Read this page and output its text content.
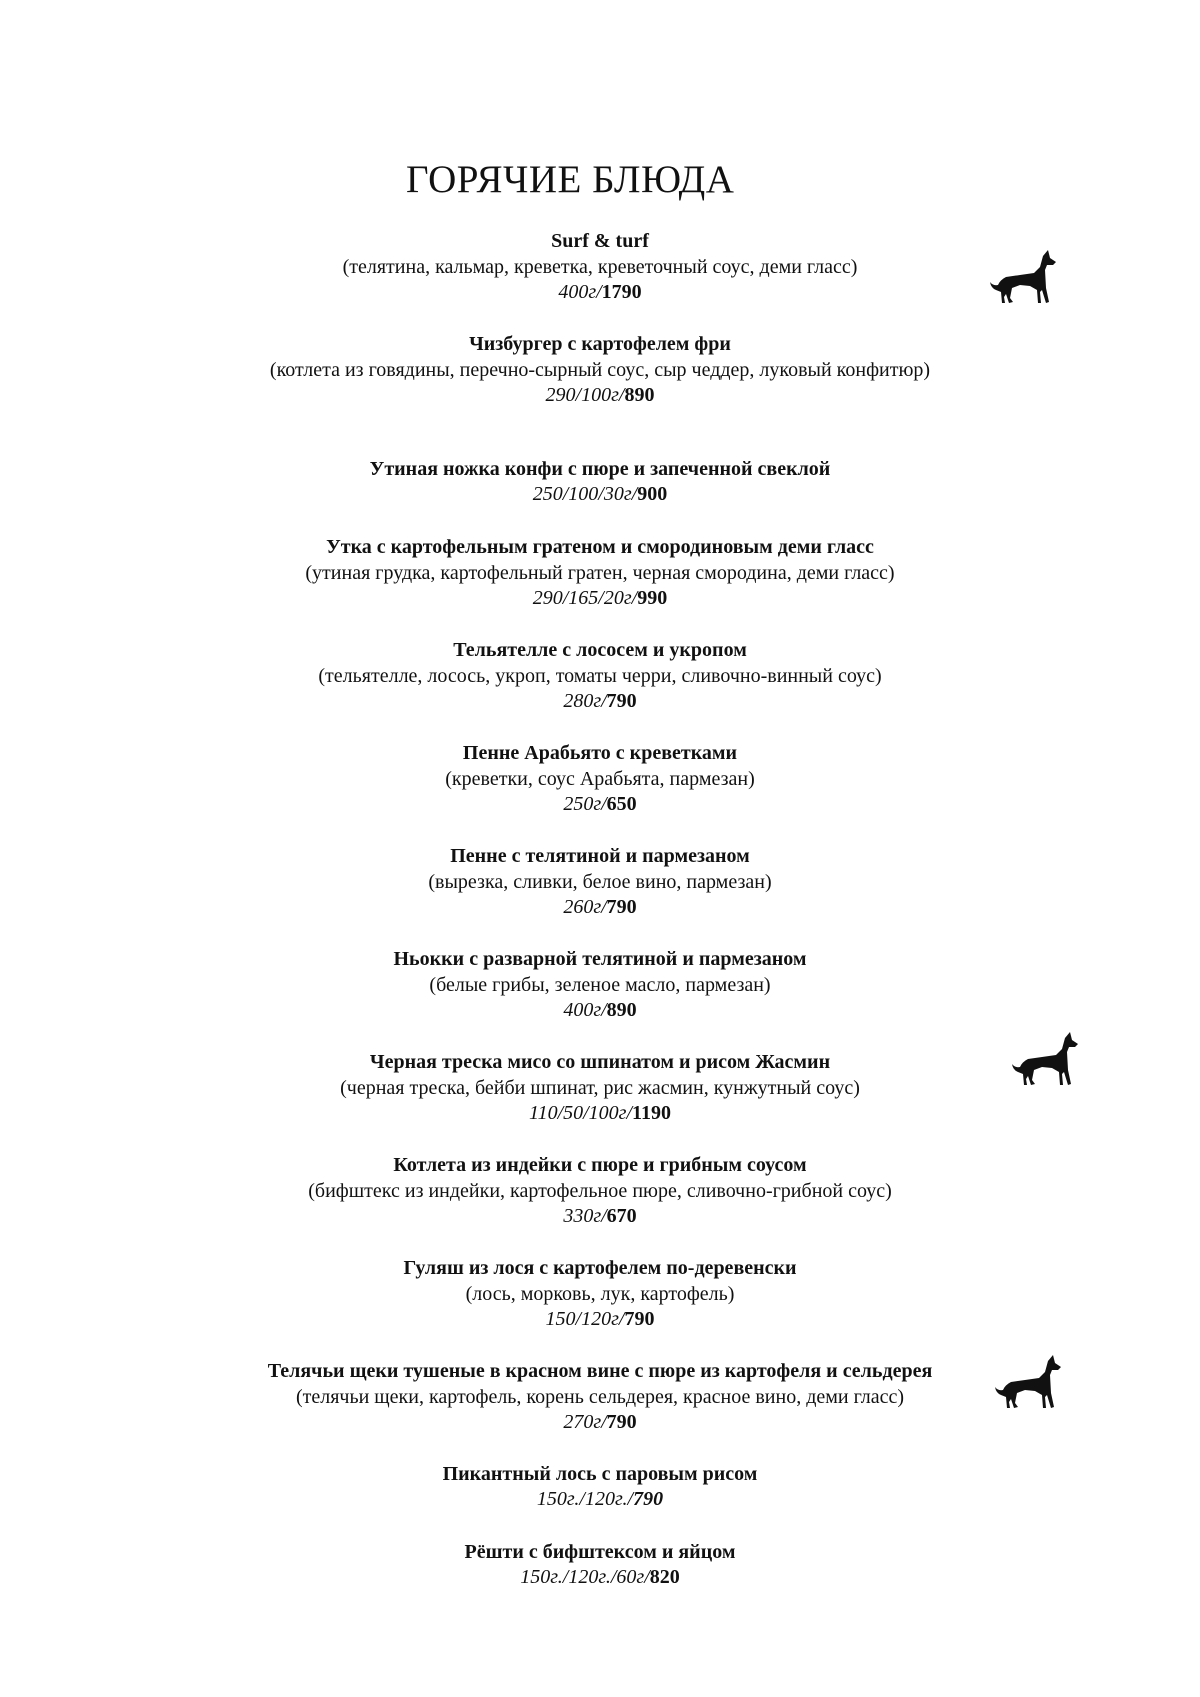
ГОРЯЧИЕ БЛЮДА
Surf & turf
(телятина, кальмар, креветка, креветочный соус, деми гласс)
400г/1790
Чизбургер с картофелем фри
(котлета из говядины, перечно-сырный соус, сыр чеддер, луковый конфитюр)
290/100г/890
Утиная ножка конфи с пюре и запеченной свеклой
250/100/30г/900
Утка с картофельным гратеном и смородиновым деми гласс
(утиная грудка, картофельный гратен, черная смородина, деми гласс)
290/165/20г/990
Тельятелле с лососем и укропом
(тельятелле, лосось, укроп, томаты черри, сливочно-винный соус)
280г/790
Пенне Арабьято с креветками
(креветки, соус Арабьята, пармезан)
250г/650
Пенне с телятиной и пармезаном
(вырезка, сливки, белое вино, пармезан)
260г/790
Ньокки с разварной телятиной и пармезаном
(белые грибы, зеленое масло, пармезан)
400г/890
Черная треска мисо со шпинатом и рисом Жасмин
(черная треска, бейби шпинат, рис жасмин, кунжутный соус)
110/50/100г/1190
Котлета из индейки с пюре и грибным соусом
(бифштекс из индейки, картофельное пюре, сливочно-грибной соус)
330г/670
Гуляш из лося с картофелем по-деревенски
(лось, морковь, лук, картофель)
150/120г/790
Телячьи щеки тушеные в красном вине с пюре из картофеля и сельдерея
(телячьи щеки, картофель, корень сельдерея, красное вино, деми гласс)
270г/790
Пикантный лось с паровым рисом
150г./120г./790
Рёшти с бифштексом и яйцом
150г./120г./60г/820
